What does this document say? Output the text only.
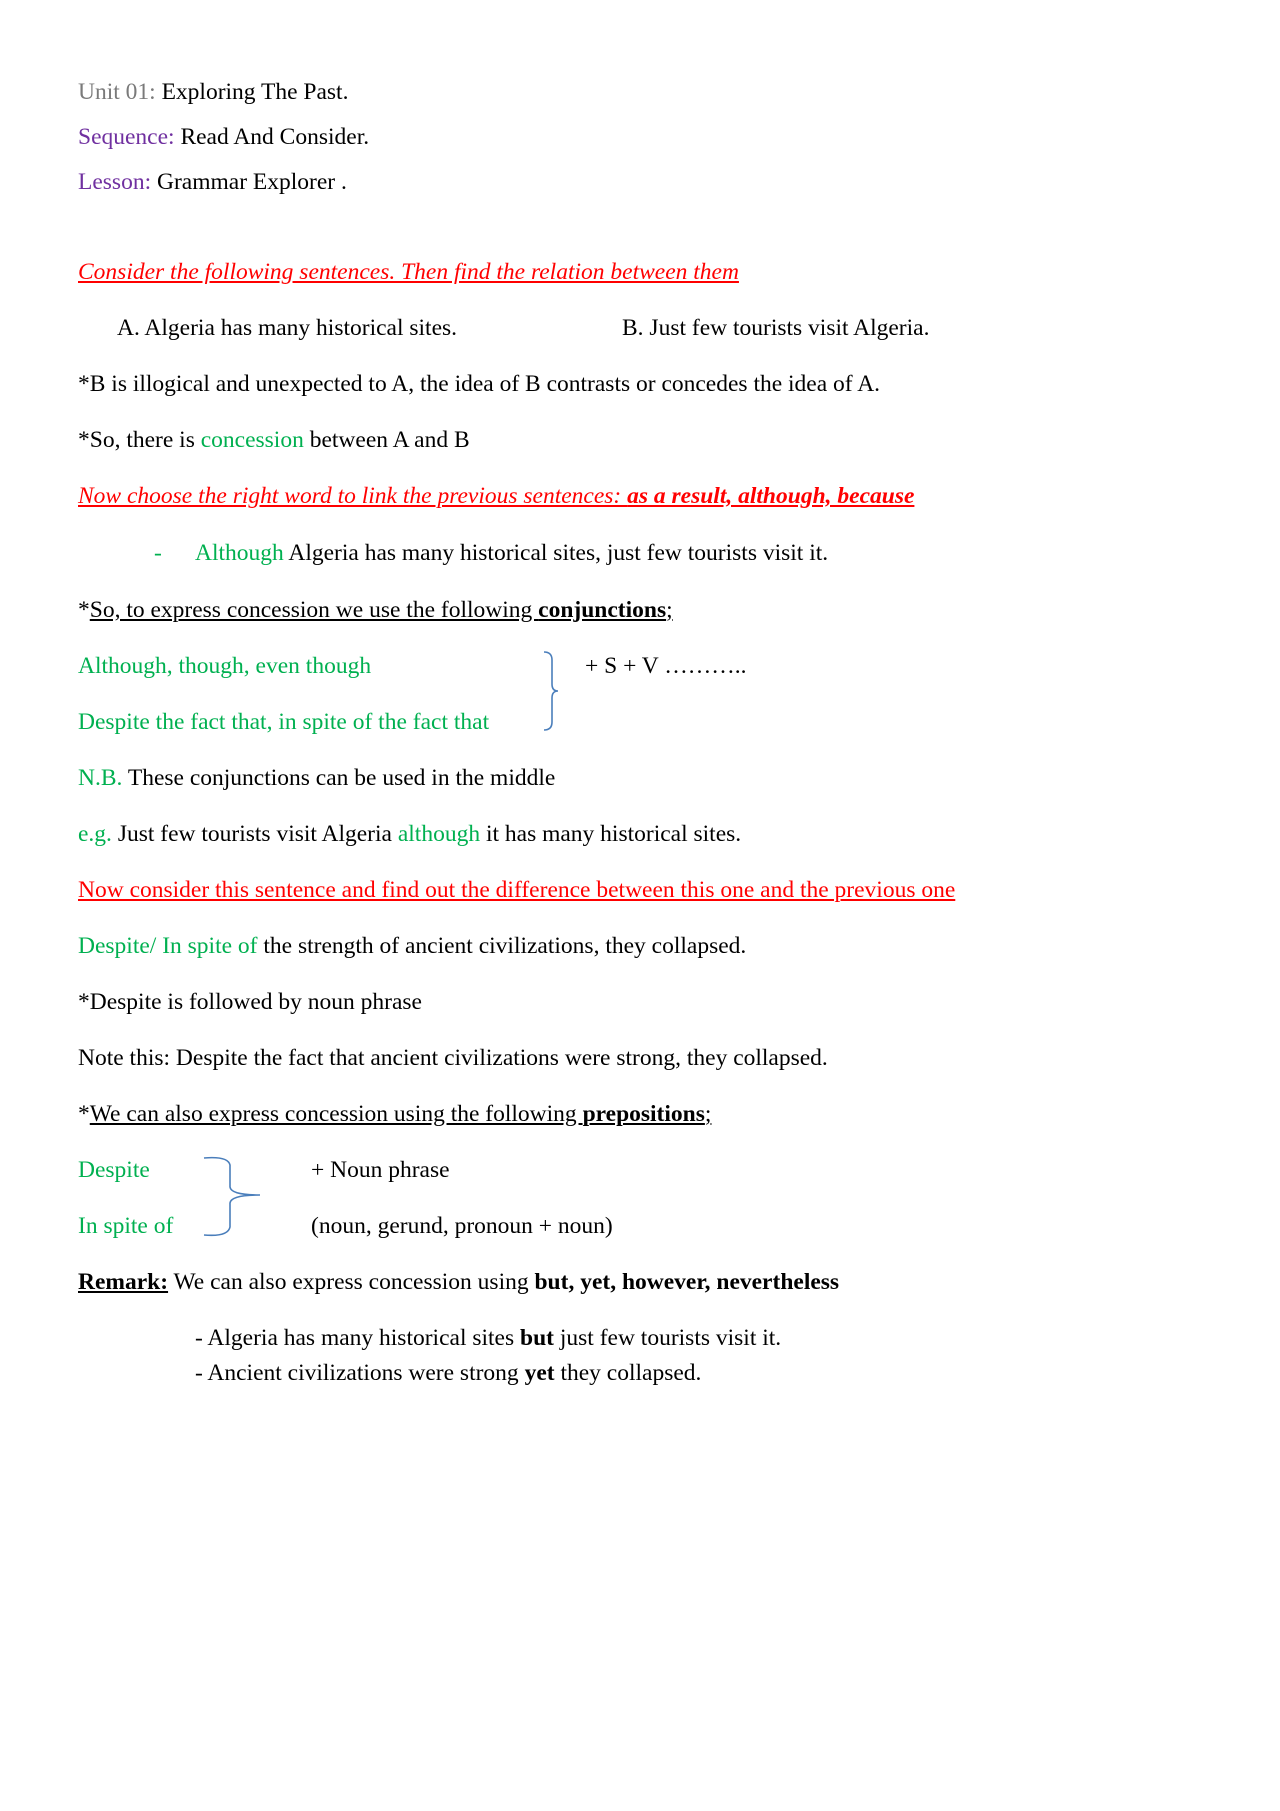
Unit 01: Exploring The Past.
Sequence: Read And Consider.
Lesson: Grammar Explorer .
Consider the following sentences. Then find the relation between them
A. Algeria has many historical sites.	B. Just few tourists visit Algeria.
*B is illogical and unexpected to A, the idea of B contrasts or concedes the idea of A.
*So, there is concession between A and B
Now choose the right word to link the previous sentences: as a result, although, because
- Although Algeria has many historical sites, just few tourists visit it.
*So, to express concession we use the following conjunctions;
Although, though, even though
Despite the fact that, in spite of the fact that
+ S + V ………..
N.B. These conjunctions can be used in the middle
e.g. Just few tourists visit Algeria although it has many historical sites.
Now consider this sentence and find out the difference between this one and the previous one
Despite/ In spite of the strength of ancient civilizations, they collapsed.
*Despite is followed by noun phrase
Note this: Despite the fact that ancient civilizations were strong, they collapsed.
*We can also express concession using the following prepositions;
Despite
In spite of
+ Noun phrase
(noun, gerund, pronoun + noun)
Remark: We can also express concession using but, yet, however, nevertheless
- Algeria has many historical sites but just few tourists visit it.
- Ancient civilizations were strong yet they collapsed.
